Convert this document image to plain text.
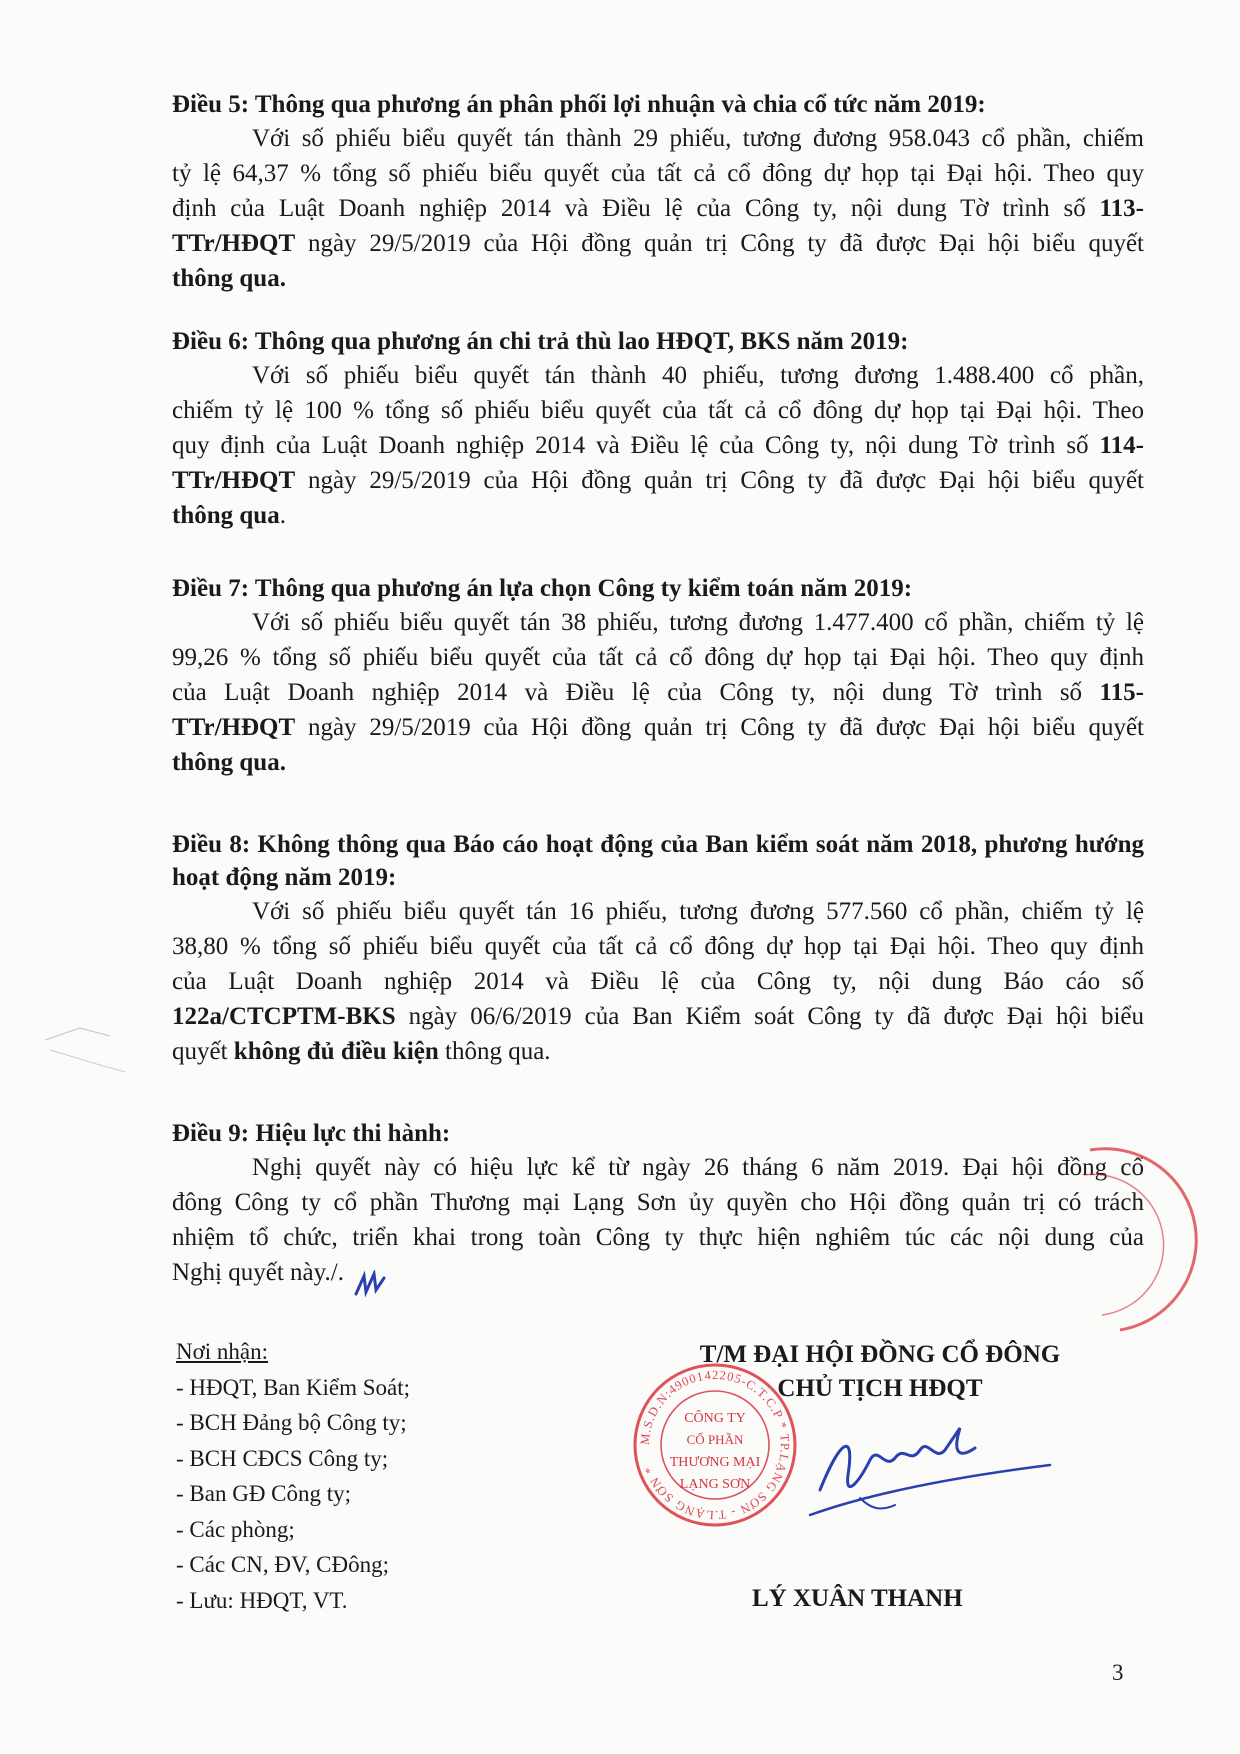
Điều 5: Thông qua phương án phân phối lợi nhuận và chia cổ tức năm 2019:

Với số phiếu biểu quyết tán thành 29 phiếu, tương đương 958.043 cổ phần, chiếm

tỷ lệ 64,37 % tổng số phiếu biểu quyết của tất cả cổ đông dự họp tại Đại hội. Theo quy

định của Luật Doanh nghiệp 2014 và Điều lệ của Công ty, nội dung Tờ trình số 113-

TTr/HĐQT ngày 29/5/2019 của Hội đồng quản trị Công ty đã được Đại hội biểu quyết

thông qua.

Điều 6: Thông qua phương án chi trả thù lao HĐQT, BKS năm 2019:

Với số phiếu biểu quyết tán thành 40 phiếu, tương đương 1.488.400 cổ phần,

chiếm tỷ lệ 100 % tổng số phiếu biểu quyết của tất cả cổ đông dự họp tại Đại hội. Theo

quy định của Luật Doanh nghiệp 2014 và Điều lệ của Công ty, nội dung Tờ trình số 114-

TTr/HĐQT ngày 29/5/2019 của Hội đồng quản trị Công ty đã được Đại hội biểu quyết

thông qua.

Điều 7: Thông qua phương án lựa chọn Công ty kiểm toán năm 2019:

Với số phiếu biểu quyết tán 38 phiếu, tương đương 1.477.400 cổ phần, chiếm tỷ lệ

99,26 % tổng số phiếu biểu quyết của tất cả cổ đông dự họp tại Đại hội. Theo quy định

của Luật Doanh nghiệp 2014 và Điều lệ của Công ty, nội dung Tờ trình số 115-

TTr/HĐQT ngày 29/5/2019 của Hội đồng quản trị Công ty đã được Đại hội biểu quyết

thông qua.

Điều 8: Không thông qua Báo cáo hoạt động của Ban kiểm soát năm 2018, phương hướng hoạt động năm 2019:

Với số phiếu biểu quyết tán 16 phiếu, tương đương 577.560 cổ phần, chiếm tỷ lệ

38,80 % tổng số phiếu biểu quyết của tất cả cổ đông dự họp tại Đại hội. Theo quy định

của Luật Doanh nghiệp 2014 và Điều lệ của Công ty, nội dung Báo cáo số

122a/CTCPTM-BKS ngày 06/6/2019 của Ban Kiểm soát Công ty đã được Đại hội biểu

quyết không đủ điều kiện thông qua.

Điều 9: Hiệu lực thi hành:

Nghị quyết này có hiệu lực kể từ ngày 26 tháng 6 năm 2019. Đại hội đồng cổ

đông Công ty cổ phần Thương mại Lạng Sơn ủy quyền cho Hội đồng quản trị có trách

nhiệm tổ chức, triển khai trong toàn Công ty thực hiện nghiêm túc các nội dung của

Nghị quyết này./.

Nơi nhận:
- HĐQT, Ban Kiểm Soát;
- BCH Đảng bộ Công ty;
- BCH CĐCS Công ty;
- Ban GĐ Công ty;
- Các phòng;
- Các CN, ĐV, CĐông;
- Lưu: HĐQT, VT.
T/M ĐẠI HỘI ĐỒNG CỔ ĐÔNG
CHỦ TỊCH HĐQT
M.S.D.N:4900142205-C.T.C.P * TP.LẠNG SƠN - T.LẠNG SƠN *
CÔNG TY
CỔ PHẦN
THƯƠNG MẠI
LẠNG SƠN
LÝ XUÂN THANH
3
